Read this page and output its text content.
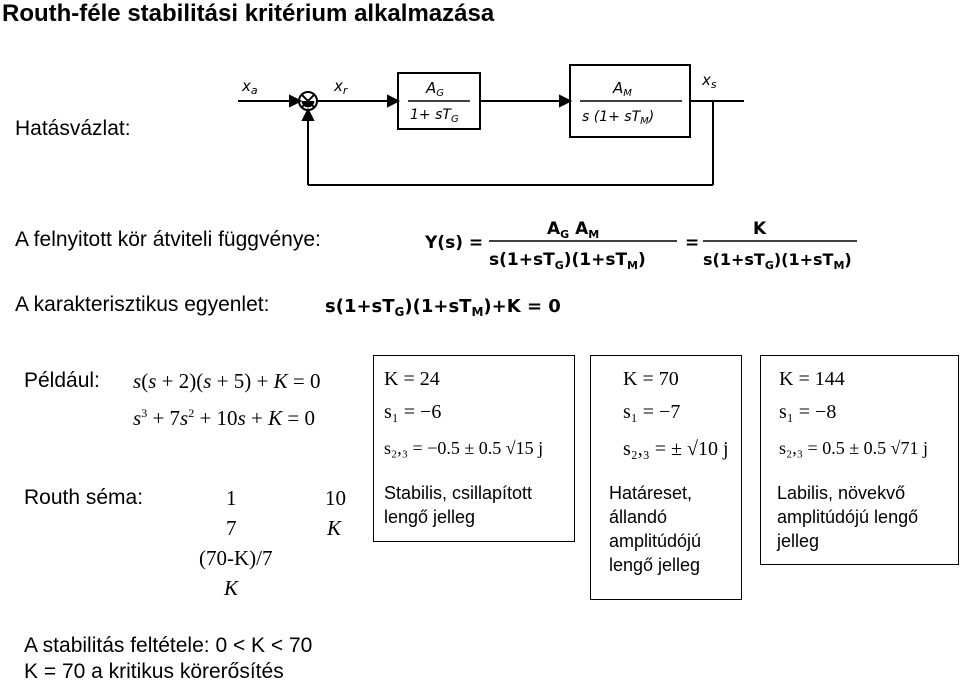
Routh-féle stabilitási kritérium alkalmazása
Hatásvázlat:
$x_a$	$x_r$
$x_s$
$A_G$
$1+ sT_G$
$A_M$
s $(1+ sT_M)$
A felnyitott kör átviteli függvénye:	Y(s) =
$A_G$ $A_M$
$s(1+sT_G)(1+sT_M)$
=
K
$s(1+sT_G)(1+sT_M)$
A karakterisztikus egyenlet:	$s(1+sT_G)(1+sT_M)+K = 0$
Például: s(s + 2)(s + 5) + K = 0
$s^3 + 7s^2 + 10s + K = 0$
Routh séma:	1	10
7	K
(70-K)/7
K
K = 24
s₁ = −6
s₂,₃ = −0.5 ± 0.5 √15 j
Stabilis, csillapított
lengő jelleg
K = 70
s₁ = −7
s₂,₃ = ± √10 j
Határeset,
állandó
amplitúdójú
lengő jelleg
K = 144
s₁ = −8
s₂,₃ = 0.5 ± 0.5 √71 j
Labilis, növekvő
amplitúdójú lengő
jelleg
A stabilitás feltétele: 0 < K < 70
K = 70 a kritikus körerősítés
